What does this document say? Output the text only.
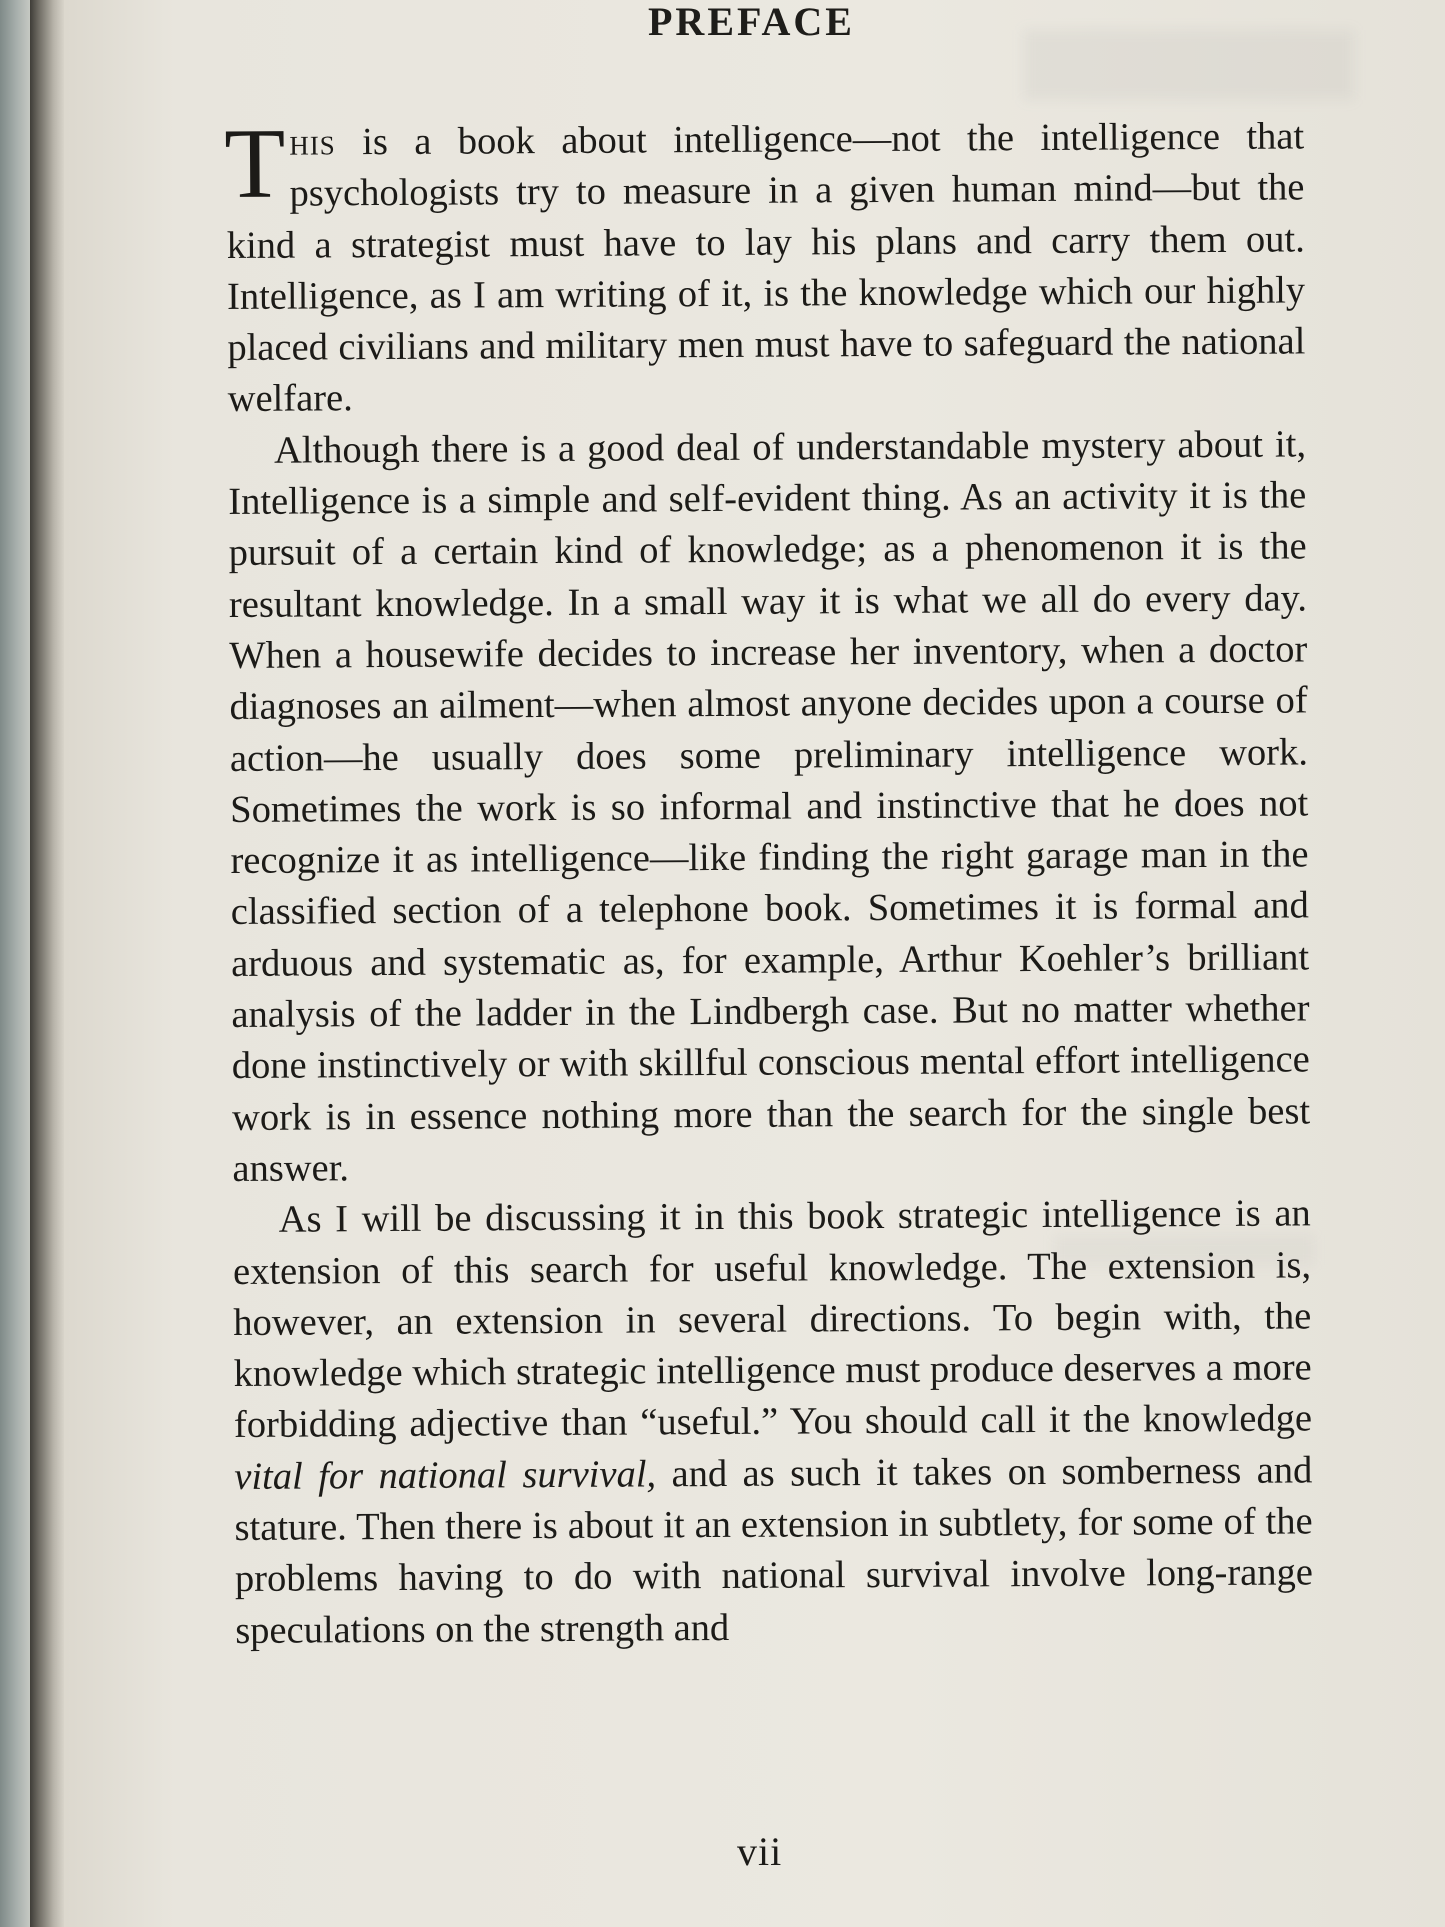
PREFACE

This is a book about intelligence—not the intelligence that psychologists try to measure in a given human mind—but the kind a strategist must have to lay his plans and carry them out. Intelligence, as I am writing of it, is the knowledge which our highly placed civilians and military men must have to safeguard the national welfare.

Although there is a good deal of understandable mystery about it, Intelligence is a simple and self-evident thing. As an activity it is the pursuit of a certain kind of knowledge; as a phenomenon it is the resultant knowledge. In a small way it is what we all do every day. When a housewife decides to increase her inventory, when a doctor diagnoses an ailment—when almost anyone decides upon a course of action—he usually does some preliminary intelligence work. Sometimes the work is so informal and instinctive that he does not recognize it as intelligence—like finding the right garage man in the classified section of a telephone book. Sometimes it is formal and arduous and systematic as, for example, Arthur Koehler’s brilliant analysis of the ladder in the Lindbergh case. But no matter whether done instinctively or with skillful conscious mental effort intelligence work is in essence nothing more than the search for the single best answer.

As I will be discussing it in this book strategic intelligence is an extension of this search for useful knowledge. The extension is, however, an extension in several directions. To begin with, the knowledge which strategic intelligence must produce deserves a more forbidding adjective than “useful.” You should call it the knowledge vital for national survival, and as such it takes on somberness and stature. Then there is about it an extension in subtlety, for some of the problems having to do with national survival involve long-range speculations on the strength and

vii
